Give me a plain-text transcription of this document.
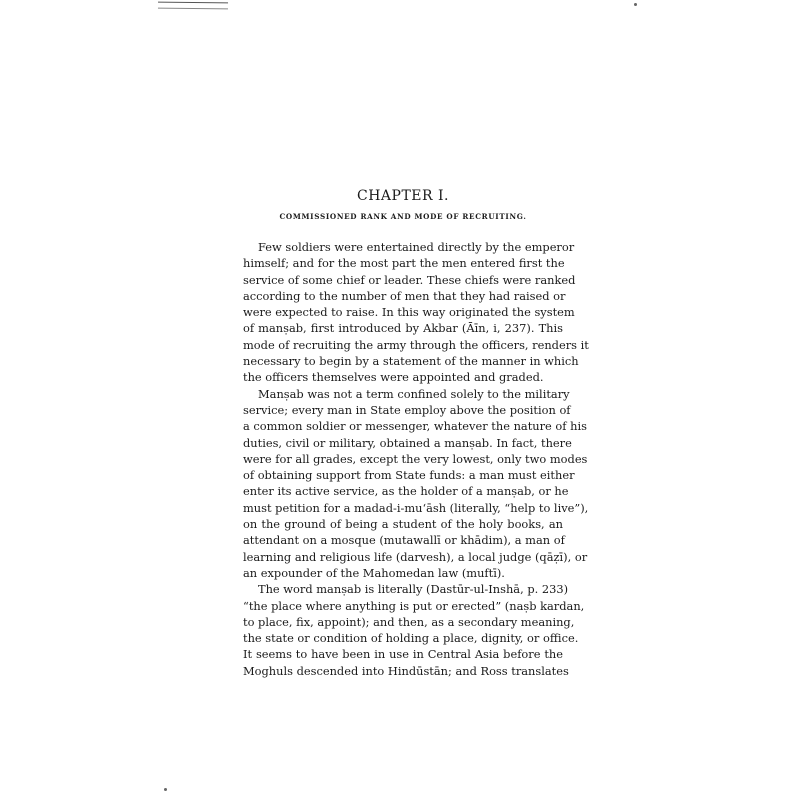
CHAPTER I.
COMMISSIONED RANK AND MODE OF RECRUITING.

Few soldiers were entertained directly by the emperor
himself; and for the most part the men entered first the
service of some chief or leader. These chiefs were ranked
according to the number of men that they had raised or
were expected to raise. In this way originated the system
of manṣab, first introduced by Akbar (Āīn, i, 237). This
mode of recruiting the army through the officers, renders it
necessary to begin by a statement of the manner in which
the officers themselves were appointed and graded.

Manṣab was not a term confined solely to the military
service; every man in State employ above the position of
a common soldier or messenger, whatever the nature of his
duties, civil or military, obtained a manṣab. In fact, there
were for all grades, except the very lowest, only two modes
of obtaining support from State funds: a man must either
enter its active service, as the holder of a manṣab, or he
must petition for a madad-i-mu‘āsh (literally, “help to live”),
on the ground of being a student of the holy books, an
attendant on a mosque (mutawallī or khādim), a man of
learning and religious life (darvesh), a local judge (qāẓī), or
an expounder of the Mahomedan law (muftī).

The word manṣab is literally (Dastūr-ul-Inshā, p. 233)
“the place where anything is put or erected” (naṣb kardan,
to place, fix, appoint); and then, as a secondary meaning,
the state or condition of holding a place, dignity, or office.
It seems to have been in use in Central Asia before the
Moghuls descended into Hindūstān; and Ross translates
